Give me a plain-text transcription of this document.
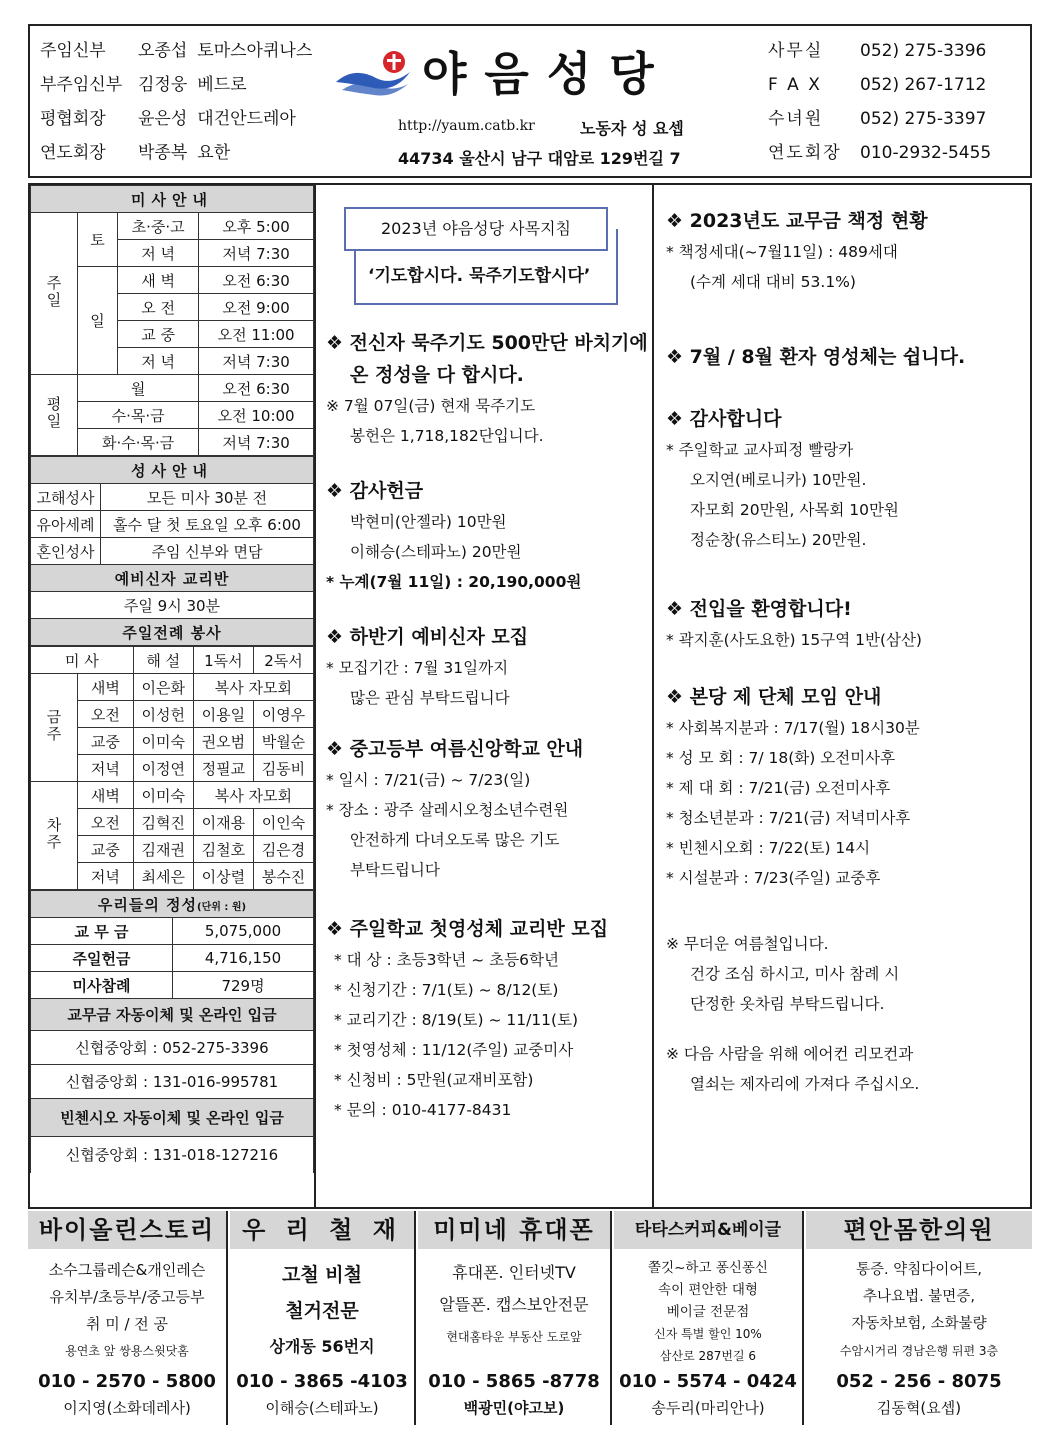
주임신부 오종섭 토마스아퀴나스
부주임신부 김정웅 베드로
평협회장 윤은성 대건안드레아
연도회장 박종복 요한
야음성당
http://yaum.catb.kr	노동자 성 요셉
44734 울산시 남구 대암로 129번길 7
사무실 052) 275-3396
F A X 052) 267-1712
수녀원 052) 275-3397
연도회장 010-2932-5455
미사안내			
주일	토	초·중·고	오후 5:00
		저 녁	저녁 7:30
	일	새 벽	오전 6:30
		오 전	오전 9:00
		교 중	오전 11:00
		저 녁	저녁 7:30
평일	월		오전 6:30
	수·목·금		오전 10:00
	화·수·목·금		저녁 7:30
성사안내	
고해성사	모든 미사 30분 전
유아세례	홀수 달 첫 토요일 오후 6:00
혼인성사	주임 신부와 면담
예비신자 교리반	
주일 9시 30분	
주일전례 봉사	
미 사		해 설	1독서	2독서
금주	새벽	이은화	복사 자모회	
	오전	이성헌	이용일	이영우
	교중	이미숙	권오범	박월순
	저녁	이정연	정필교	김동비
차주	새벽	이미숙	복사 자모회	
	오전	김혁진	이재용	이인숙
	교중	김재권	김철호	김은경
	저녁	최세은	이상렬	봉수진
우리들의 정성(단위 : 원)	
교 무 금	5,075,000
주일헌금	4,716,150
미사참례	729명
교무금 자동이체 및 온라인 입금	
신협중앙회 : 052-275-3396	
신협중앙회 : 131-016-995781	
빈첸시오 자동이체 및 온라인 입금	
신협중앙회 : 131-018-127216	
2023년 야음성당 사목지침
‘기도합시다. 묵주기도합시다’
❖ 전신자 묵주기도 500만단 바치기에
온 정성을 다 합시다.
※ 7월 07일(금) 현재 묵주기도
봉헌은 1,718,182단입니다.
❖ 감사헌금
박현미(안젤라) 10만원
이해승(스테파노) 20만원
* 누계(7월 11일) : 20,190,000원
❖ 하반기 예비신자 모집
* 모집기간 : 7월 31일까지
많은 관심 부탁드립니다
❖ 중고등부 여름신앙학교 안내
* 일시 : 7/21(금) ~ 7/23(일)
* 장소 : 광주 살레시오청소년수련원
안전하게 다녀오도록 많은 기도
부탁드립니다
❖ 주일학교 첫영성체 교리반 모집
* 대 상 : 초등3학년 ~ 초등6학년
* 신청기간 : 7/1(토) ~ 8/12(토)
* 교리기간 : 8/19(토) ~ 11/11(토)
* 첫영성체 : 11/12(주일) 교중미사
* 신청비 : 5만원(교재비포함)
* 문의 : 010-4177-8431
❖ 2023년도 교무금 책정 현황
* 책정세대(~7월11일) : 489세대
(수계 세대 대비 53.1%)
❖ 7월 / 8월 환자 영성체는 쉽니다.
❖ 감사합니다
* 주일학교 교사피정 빨랑카
오지연(베로니카) 10만원.
자모회 20만원, 사목회 10만원
정순창(유스티노) 20만원.
❖ 전입을 환영합니다!
* 곽지훈(사도요한) 15구역 1반(삼산)
❖ 본당 제 단체 모임 안내
* 사회복지분과 : 7/17(월) 18시30분
* 성 모 회 : 7/ 18(화) 오전미사후
* 제 대 회 : 7/21(금) 오전미사후
* 청소년분과 : 7/21(금) 저녁미사후
* 빈첸시오회 : 7/22(토) 14시
* 시설분과 : 7/23(주일) 교중후
※ 무더운 여름철입니다.
건강 조심 하시고, 미사 참례 시
단정한 옷차림 부탁드립니다.
※ 다음 사람을 위해 에어컨 리모컨과
열쇠는 제자리에 가져다 주십시오.
바이올린스토리
소수그룹레슨&개인레슨
유치부/초등부/중고등부
취 미 / 전 공
용연초 앞 쌍용스윗닷홈
010 - 2570 - 5800
이지영(소화데레사)
우 리 철 재
고철 비철
철거전문
상개동 56번지
010 - 3865 -4103
이해승(스테파노)
미미네 휴대폰
휴대폰. 인터넷TV
알뜰폰. 캡스보안전문
현대홈타운 부동산 도로앞
010 - 5865 -8778
백광민(야고보)
타타스커피&베이글
쫄깃~하고 퐁신퐁신
속이 편안한 대형
베이글 전문점
신자 특별 할인 10%
삼산로 287번길 6
010 - 5574 - 0424
송두리(마리안나)
편안몸한의원
통증. 약침다이어트,
추나요법. 불면증,
자동차보험, 소화불량
수암시거리 경남은행 뒤편 3층
052 - 256 - 8075
김동혁(요셉)
